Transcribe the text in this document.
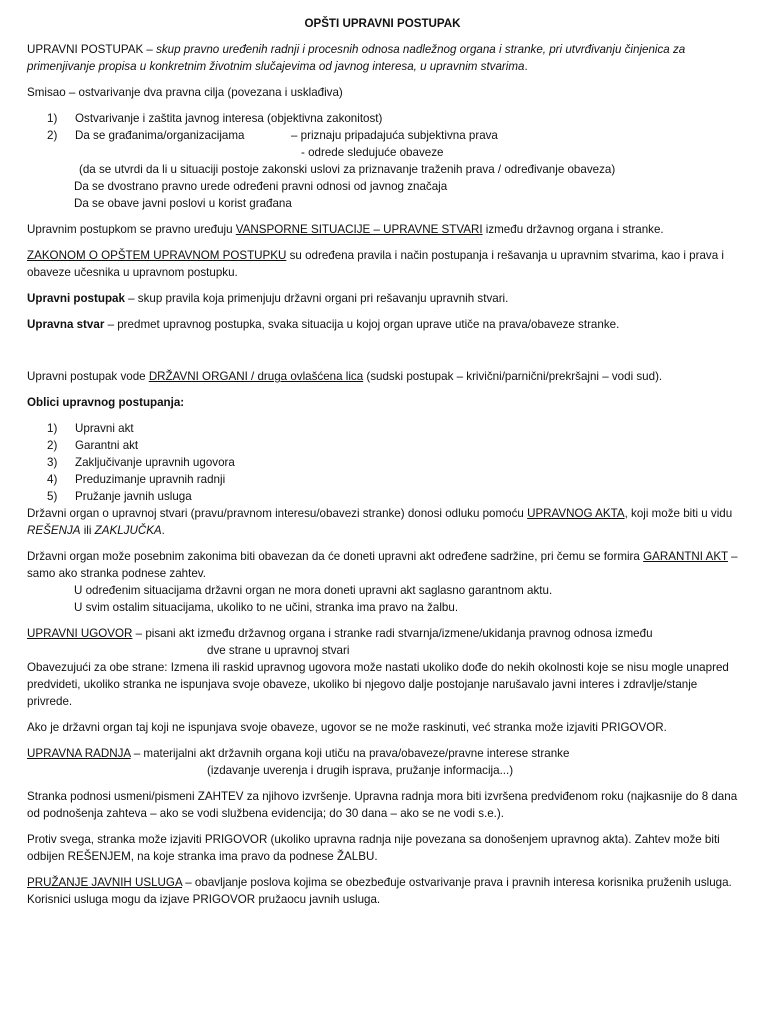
OPŠTI UPRAVNI POSTUPAK

UPRAVNI POSTUPAK – skup pravno uređenih radnji i procesnih odnosa nadležnog organa i stranke, pri utvrđivanju činjenica za primenjivanje propisa u konkretnim životnim slučajevima od javnog interesa, u upravnim stvarima.

Smisao – ostvarivanje dva pravna cilja (povezana i usklađiva)

1)	Ostvarivanje i zaštita javnog interesa (objektivna zakonitost)
2)	Da se građanima/organizacijama	– priznaju pripadajuća subjektivna prava

- odrede sledujuće obaveze

(da se utvrdi da li u situaciji postoje zakonski uslovi za priznavanje traženih prava / određivanje obaveza)

Da se dvostrano pravno urede određeni pravni odnosi od javnog značaja

Da se obave javni poslovi u korist građana

Upravnim postupkom se pravno uređuju VANSPORNE SITUACIJE – UPRAVNE STVARI između državnog organa i stranke.

ZAKONOM O OPŠTEM UPRAVNOM POSTUPKU su određena pravila i način postupanja i rešavanja u upravnim stvarima, kao i prava i obaveze učesnika u upravnom postupku.

Upravni postupak – skup pravila koja primenjuju državni organi pri rešavanju upravnih stvari.

Upravna stvar – predmet upravnog postupka, svaka situacija u kojoj organ uprave utiče na prava/obaveze stranke.

Upravni postupak vode DRŽAVNI ORGANI / druga ovlašćena lica (sudski postupak – krivični/parnični/prekršajni – vodi sud).

Oblici upravnog postupanja:

1)	Upravni akt
2)	Garantni akt
3)	Zaključivanje upravnih ugovora
4)	Preduzimanje upravnih radnji
5)	Pružanje javnih usluga

Državni organ o upravnoj stvari (pravu/pravnom interesu/obavezi stranke) donosi odluku pomoću UPRAVNOG AKTA, koji može biti u vidu REŠENJA ili ZAKLJUČKA.

Državni organ može posebnim zakonima biti obavezan da će doneti upravni akt određene sadržine, pri čemu se formira GARANTNI AKT – samo ako stranka podnese zahtev.

U određenim situacijama državni organ ne mora doneti upravni akt saglasno garantnom aktu.

U svim ostalim situacijama, ukoliko to ne učini, stranka ima pravo na žalbu.

UPRAVNI UGOVOR – pisani akt između državnog organa i stranke radi stvarnja/izmene/ukidanja pravnog odnosa između

dve strane u upravnoj stvari

Obavezujući za obe strane: Izmena ili raskid upravnog ugovora može nastati ukoliko dođe do nekih okolnosti koje se nisu mogle unapred predvideti, ukoliko stranka ne ispunjava svoje obaveze, ukoliko bi njegovo dalje postojanje narušavalo javni interes i zdravlje/stanje privrede.

Ako je državni organ taj koji ne ispunjava svoje obaveze, ugovor se ne može raskinuti, već stranka može izjaviti PRIGOVOR.

UPRAVNA RADNJA – materijalni akt državnih organa koji utiču na prava/obaveze/pravne interese stranke

(izdavanje uverenja i drugih isprava, pružanje informacija...)

Stranka podnosi usmeni/pismeni ZAHTEV za njihovo izvršenje. Upravna radnja mora biti izvršena predviđenom roku (najkasnije do 8 dana od podnošenja zahteva – ako se vodi službena evidencija; do 30 dana – ako se ne vodi s.e.).

Protiv svega, stranka može izjaviti PRIGOVOR (ukoliko upravna radnja nije povezana sa donošenjem upravnog akta). Zahtev može biti odbijen REŠENJEM, na koje stranka ima pravo da podnese ŽALBU.

PRUŽANJE JAVNIH USLUGA – obavljanje poslova kojima se obezbeđuje ostvarivanje prava i pravnih interesa korisnika pruženih usluga. Korisnici usluga mogu da izjave PRIGOVOR pružaocu javnih usluga.
